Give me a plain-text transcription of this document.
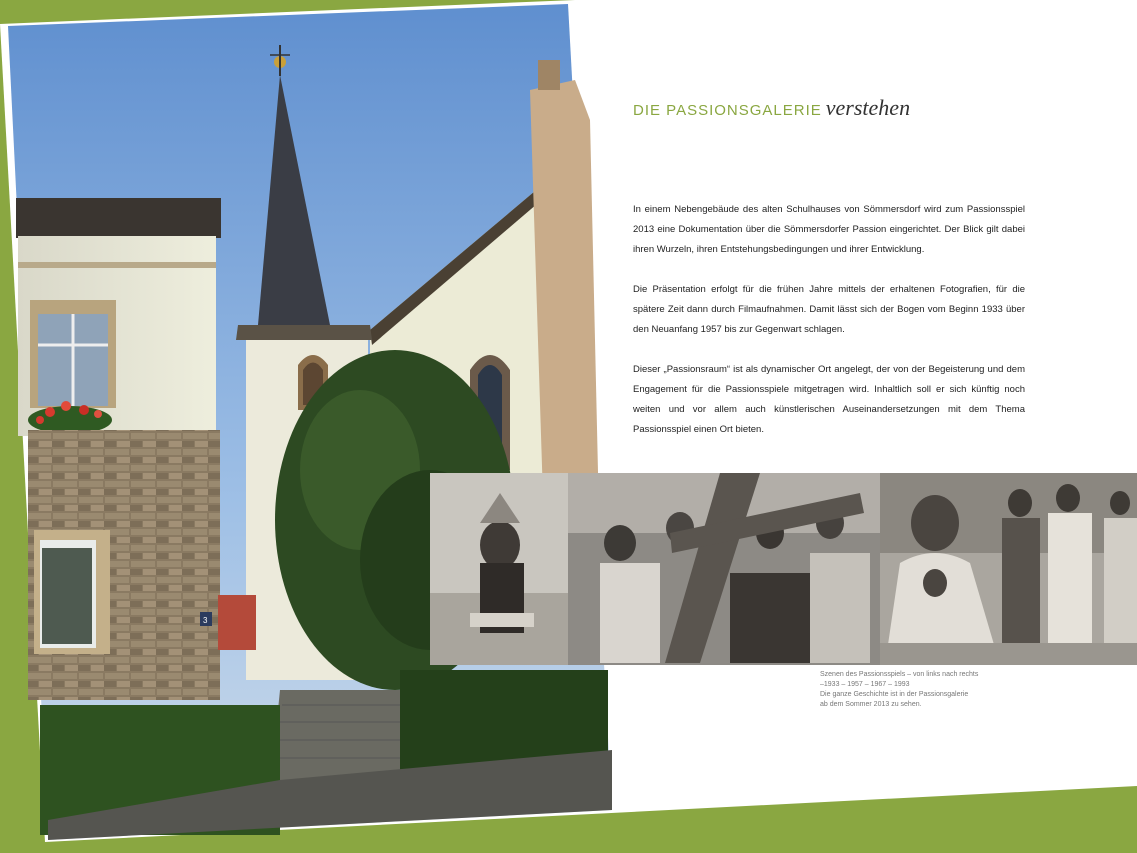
3
DIE PASSIONSGALERIE verstehen

In einem Nebengebäude des alten Schulhauses von Sömmersdorf wird zum Passionsspiel 2013 eine Dokumentation über die Sömmersdorfer Passion eingerichtet. Der Blick gilt dabei ihren Wurzeln, ihren Entstehungsbedingungen und ihrer Entwicklung.

Die Präsentation erfolgt für die frühen Jahre mittels der erhaltenen Fotografien, für die spätere Zeit dann durch Filmaufnahmen. Damit lässt sich der Bogen vom Beginn 1933 über den Neuanfang 1957 bis zur Gegenwart schlagen.

Dieser „Passionsraum“ ist als dynamischer Ort angelegt, der von der Begeisterung und dem Engagement für die Passionsspiele mitgetragen wird. Inhaltlich soll er sich künftig noch weiten und vor allem auch künstlerischen Auseinandersetzungen mit dem Thema Passionsspiel einen Ort bieten.

Szenen des Passionsspiels – von links nach rechts
–1933 – 1957 – 1967 – 1993
Die ganze Geschichte ist in der Passionsgalerie
ab dem Sommer 2013 zu sehen.
